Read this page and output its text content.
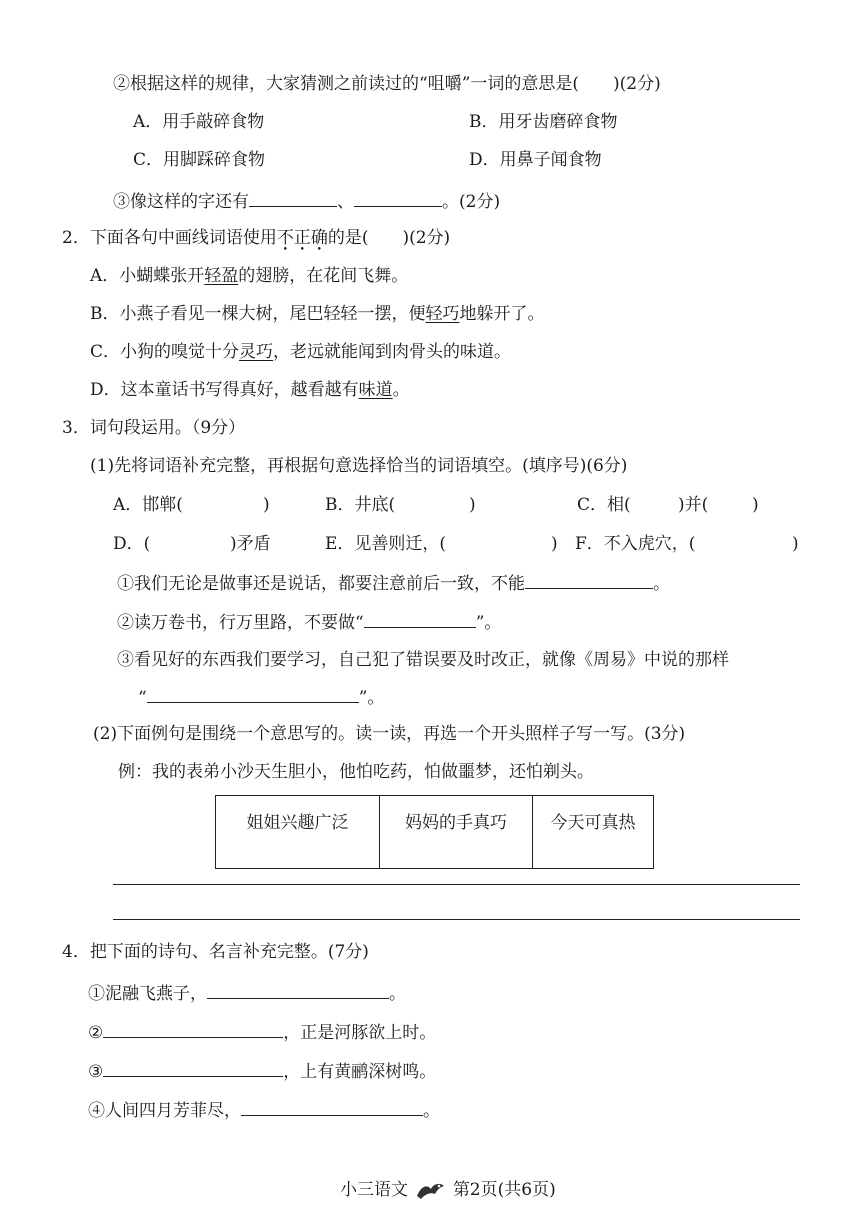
②根据这样的规律，大家猜测之前读过的“咀嚼”一词的意思是(　　)(2分)
A．用手敲碎食物	B．用牙齿磨碎食物
C．用脚踩碎食物	D．用鼻子闻食物
③像这样的字还有	、	。(2分)
2．下面各句中画线词语使用不正确的是(　　)(2分)
A．小蝴蝶张开轻盈的翅膀，在花间飞舞。
B．小燕子看见一棵大树，尾巴轻轻一摆，便轻巧地躲开了。
C．小狗的嗅觉十分灵巧，老远就能闻到肉骨头的味道。
D．这本童话书写得真好，越看越有味道。
3．词句段运用。（9分）
(1)先将词语补充完整，再根据句意选择恰当的词语填空。(填序号)(6分)
A．邯郸(	)	B．井底(	)	C．相(	)并(	)
D．(	)矛盾	E．见善则迁，(	) F．不入虎穴，(	)
①我们无论是做事还是说话，都要注意前后一致，不能	。
②读万卷书，行万里路，不要做“	”。
③看见好的东西我们要学习，自己犯了错误要及时改正，就像《周易》中说的那样
“	”。
(2)下面例句是围绕一个意思写的。读一读，再选一个开头照样子写一写。(3分)
例：我的表弟小沙天生胆小，他怕吃药，怕做噩梦，还怕剃头。
姐姐兴趣广泛	妈妈的手真巧	今天可真热
4．把下面的诗句、名言补充完整。(7分)
①泥融飞燕子，	。
②	，正是河豚欲上时。
③	，上有黄鹂深树鸣。
④人间四月芳菲尽，	。
小三语文	第2页(共6页)
